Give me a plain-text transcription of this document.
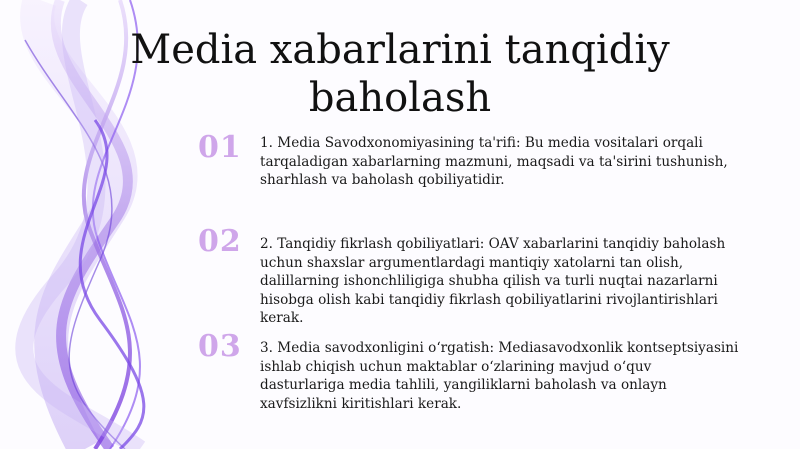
Media xabarlarini tanqidiy baholash
01	1. Media Savodxonomiyasining ta'rifi: Bu media vositalari orqali tarqaladigan xabarlarning mazmuni, maqsadi va ta'sirini tushunish, sharhlash va baholash qobiliyatidir.

02	2. Tanqidiy fikrlash qobiliyatlari: OAV xabarlarini tanqidiy baholash uchun shaxslar argumentlardagi mantiqiy xatolarni tan olish, dalillarning ishonchliligiga shubha qilish va turli nuqtai nazarlarni hisobga olish kabi tanqidiy fikrlash qobiliyatlarini rivojlantirishlari kerak.

03	3. Media savodxonligini oʻrgatish: Mediasavodxonlik kontseptsiyasini ishlab chiqish uchun maktablar oʻzlarining mavjud oʻquv dasturlariga media tahlili, yangiliklarni baholash va onlayn xavfsizlikni kiritishlari kerak.
